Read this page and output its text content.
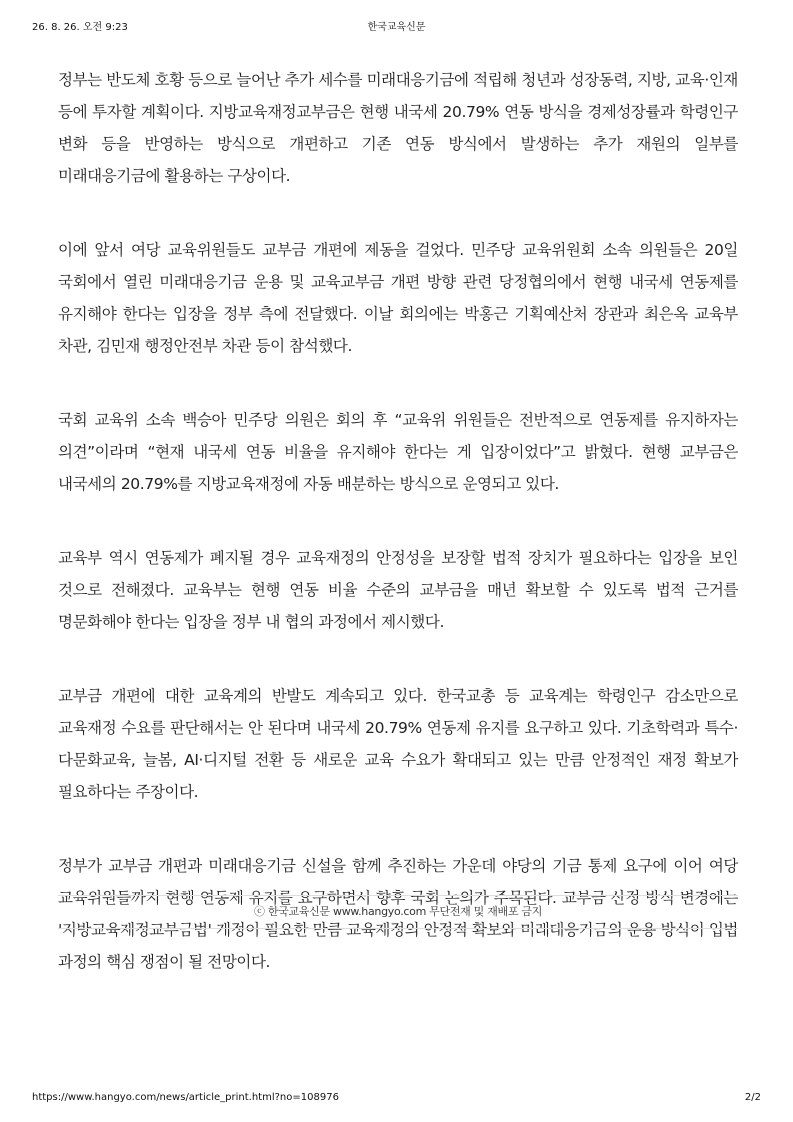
26. 8. 26. 오전 9:23	한국교육신문

정부는 반도체 호황 등으로 늘어난 추가 세수를 미래대응기금에 적립해 청년과 성장동력, 지방, 교육·인재 등에 투자할 계획이다. 지방교육재정교부금은 현행 내국세 20.79% 연동 방식을 경제성장률과 학령인구 변화 등을 반영하는 방식으로 개편하고 기존 연동 방식에서 발생하는 추가 재원의 일부를 미래대응기금에 활용하는 구상이다.

이에 앞서 여당 교육위원들도 교부금 개편에 제동을 걸었다. 민주당 교육위원회 소속 의원들은 20일 국회에서 열린 미래대응기금 운용 및 교육교부금 개편 방향 관련 당정협의에서 현행 내국세 연동제를 유지해야 한다는 입장을 정부 측에 전달했다. 이날 회의에는 박홍근 기획예산처 장관과 최은옥 교육부 차관, 김민재 행정안전부 차관 등이 참석했다.

국회 교육위 소속 백승아 민주당 의원은 회의 후 “교육위 위원들은 전반적으로 연동제를 유지하자는 의견”이라며 “현재 내국세 연동 비율을 유지해야 한다는 게 입장이었다”고 밝혔다. 현행 교부금은 내국세의 20.79%를 지방교육재정에 자동 배분하는 방식으로 운영되고 있다.

교육부 역시 연동제가 폐지될 경우 교육재정의 안정성을 보장할 법적 장치가 필요하다는 입장을 보인 것으로 전해졌다. 교육부는 현행 연동 비율 수준의 교부금을 매년 확보할 수 있도록 법적 근거를 명문화해야 한다는 입장을 정부 내 협의 과정에서 제시했다.

교부금 개편에 대한 교육계의 반발도 계속되고 있다. 한국교총 등 교육계는 학령인구 감소만으로 교육재정 수요를 판단해서는 안 된다며 내국세 20.79% 연동제 유지를 요구하고 있다. 기초학력과 특수·다문화교육, 늘봄, AI·디지털 전환 등 새로운 교육 수요가 확대되고 있는 만큼 안정적인 재정 확보가 필요하다는 주장이다.

정부가 교부금 개편과 미래대응기금 신설을 함께 추진하는 가운데 야당의 기금 통제 요구에 이어 여당 교육위원들까지 현행 연동제 유지를 요구하면서 향후 국회 논의가 주목된다. 교부금 산정 방식 변경에는 '지방교육재정교부금법' 개정이 필요한 만큼 교육재정의 안정적 확보와 미래대응기금의 운용 방식이 입법 과정의 핵심 쟁점이 될 전망이다.

ⓒ 한국교육신문 www.hangyo.com 무단전재 및 재배포 금지
https://www.hangyo.com/news/article_print.html?no=108976	2/2
